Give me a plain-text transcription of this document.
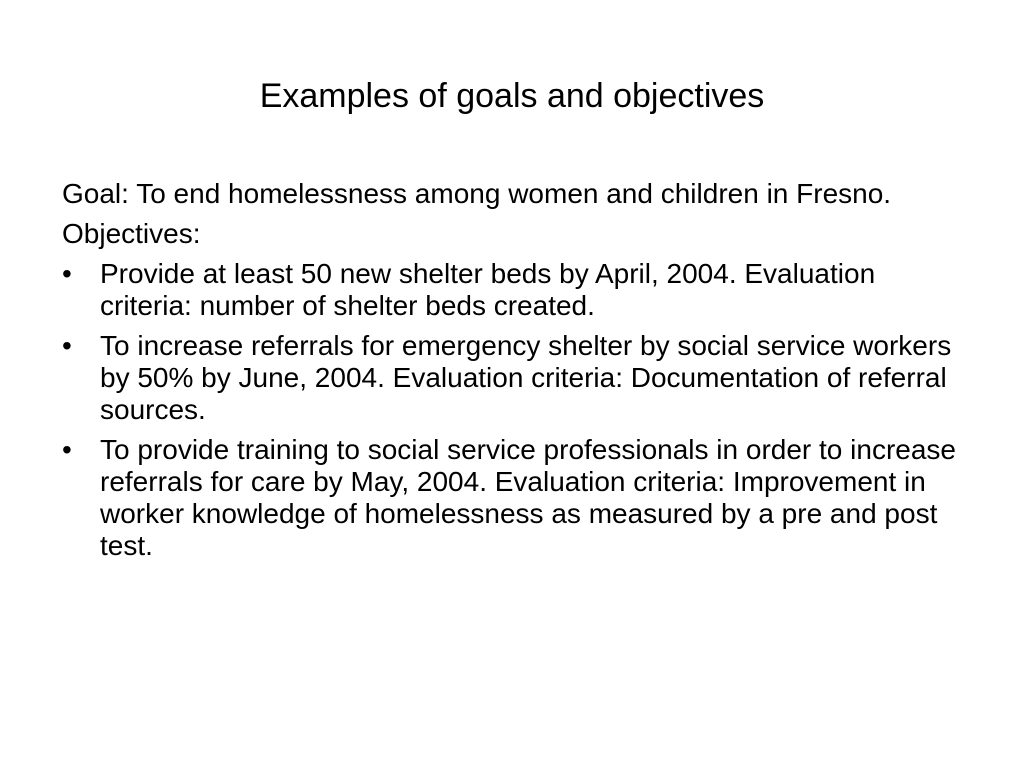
Examples of goals and objectives

Goal: To end homelessness among women and children in Fresno.

Objectives:

•	Provide at least 50 new shelter beds by April, 2004. Evaluation criteria: number of shelter beds created.
•	To increase referrals for emergency shelter by social service workers by 50% by June, 2004. Evaluation criteria: Documentation of referral sources.
•	To provide training to social service professionals in order to increase referrals for care by May, 2004. Evaluation criteria: Improvement in worker knowledge of homelessness as measured by a pre and post test.
